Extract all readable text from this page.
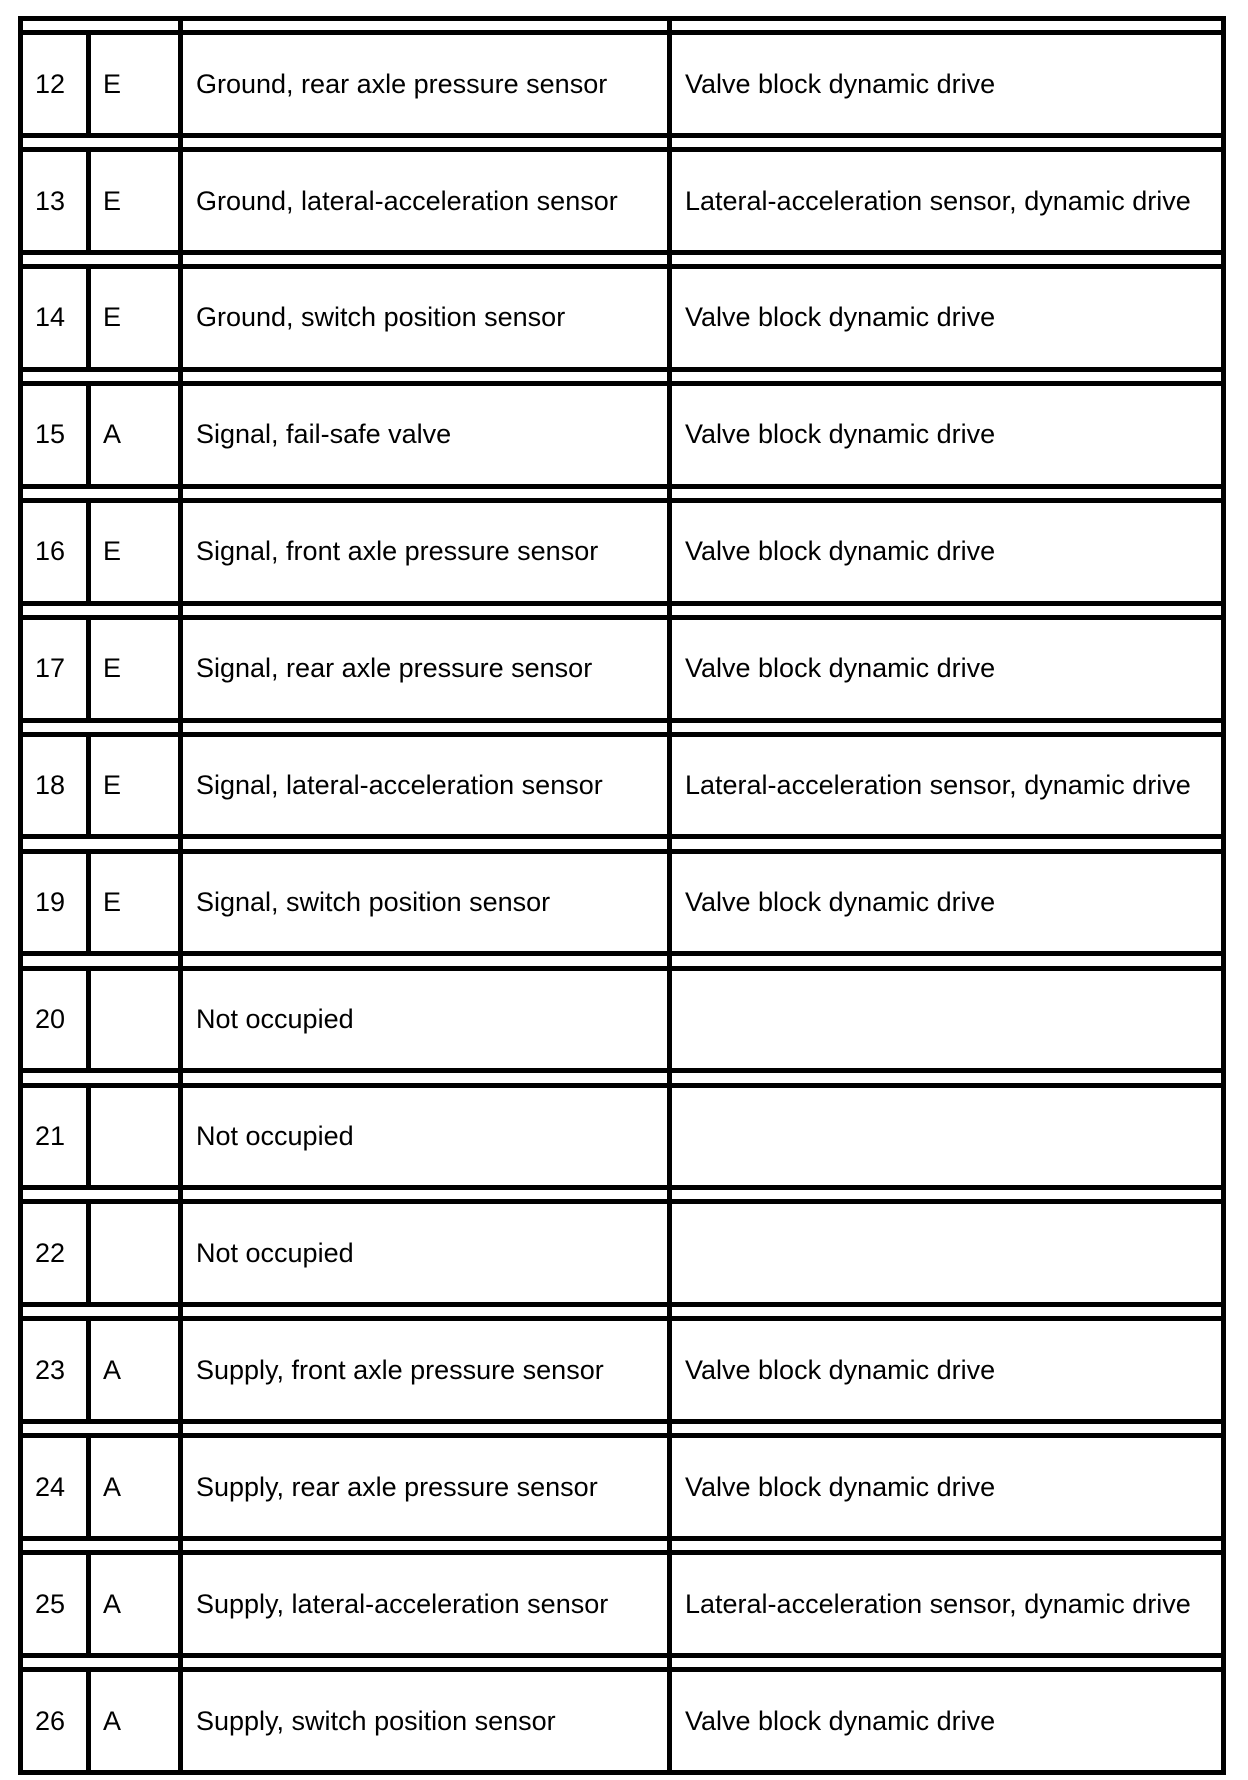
12	E	Ground, rear axle pressure sensor	Valve block dynamic drive

13	E	Ground, lateral-acceleration sensor	Lateral-acceleration sensor, dynamic drive

14	E	Ground, switch position sensor	Valve block dynamic drive

15	A	Signal, fail-safe valve	Valve block dynamic drive

16	E	Signal, front axle pressure sensor	Valve block dynamic drive

17	E	Signal, rear axle pressure sensor	Valve block dynamic drive

18	E	Signal, lateral-acceleration sensor	Lateral-acceleration sensor, dynamic drive

19	E	Signal, switch position sensor	Valve block dynamic drive

20		Not occupied	

21		Not occupied	

22		Not occupied	

23	A	Supply, front axle pressure sensor	Valve block dynamic drive

24	A	Supply, rear axle pressure sensor	Valve block dynamic drive

25	A	Supply, lateral-acceleration sensor	Lateral-acceleration sensor, dynamic drive

26	A	Supply, switch position sensor	Valve block dynamic drive
